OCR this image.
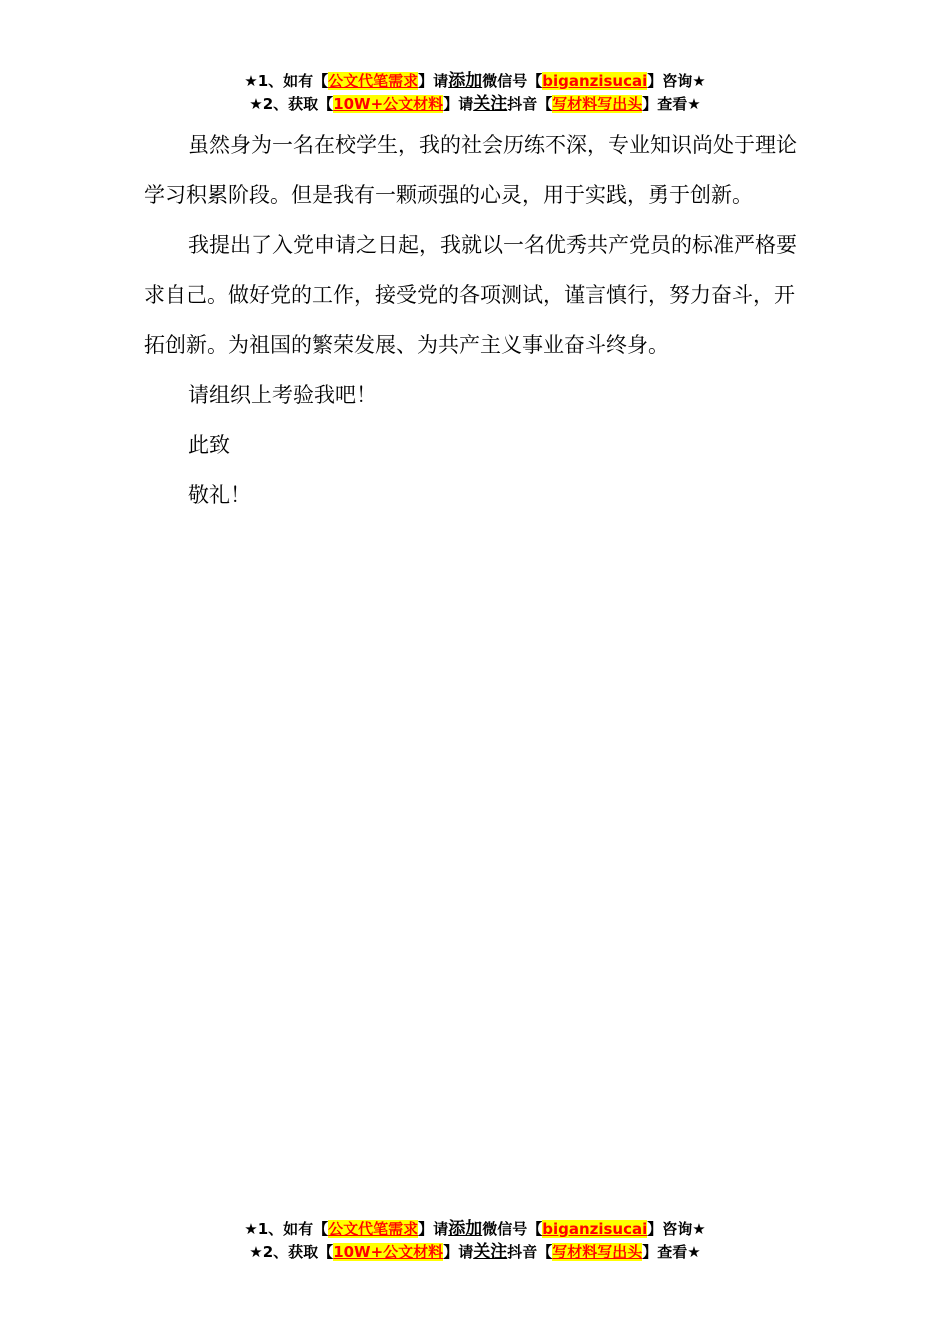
★1、如有【公文代笔需求】请添加微信号【biganzisucai】咨询★
★2、获取【10W+公文材料】请关注抖音【写材料写出头】查看★

虽然身为一名在校学生，我的社会历练不深，专业知识尚处于理论学习积累阶段。但是我有一颗顽强的心灵，用于实践，勇于创新。

我提出了入党申请之日起，我就以一名优秀共产党员的标准严格要求自己。做好党的工作，接受党的各项测试，谨言慎行，努力奋斗，开拓创新。为祖国的繁荣发展、为共产主义事业奋斗终身。

请组织上考验我吧！

此致

敬礼！

★1、如有【公文代笔需求】请添加微信号【biganzisucai】咨询★
★2、获取【10W+公文材料】请关注抖音【写材料写出头】查看★
